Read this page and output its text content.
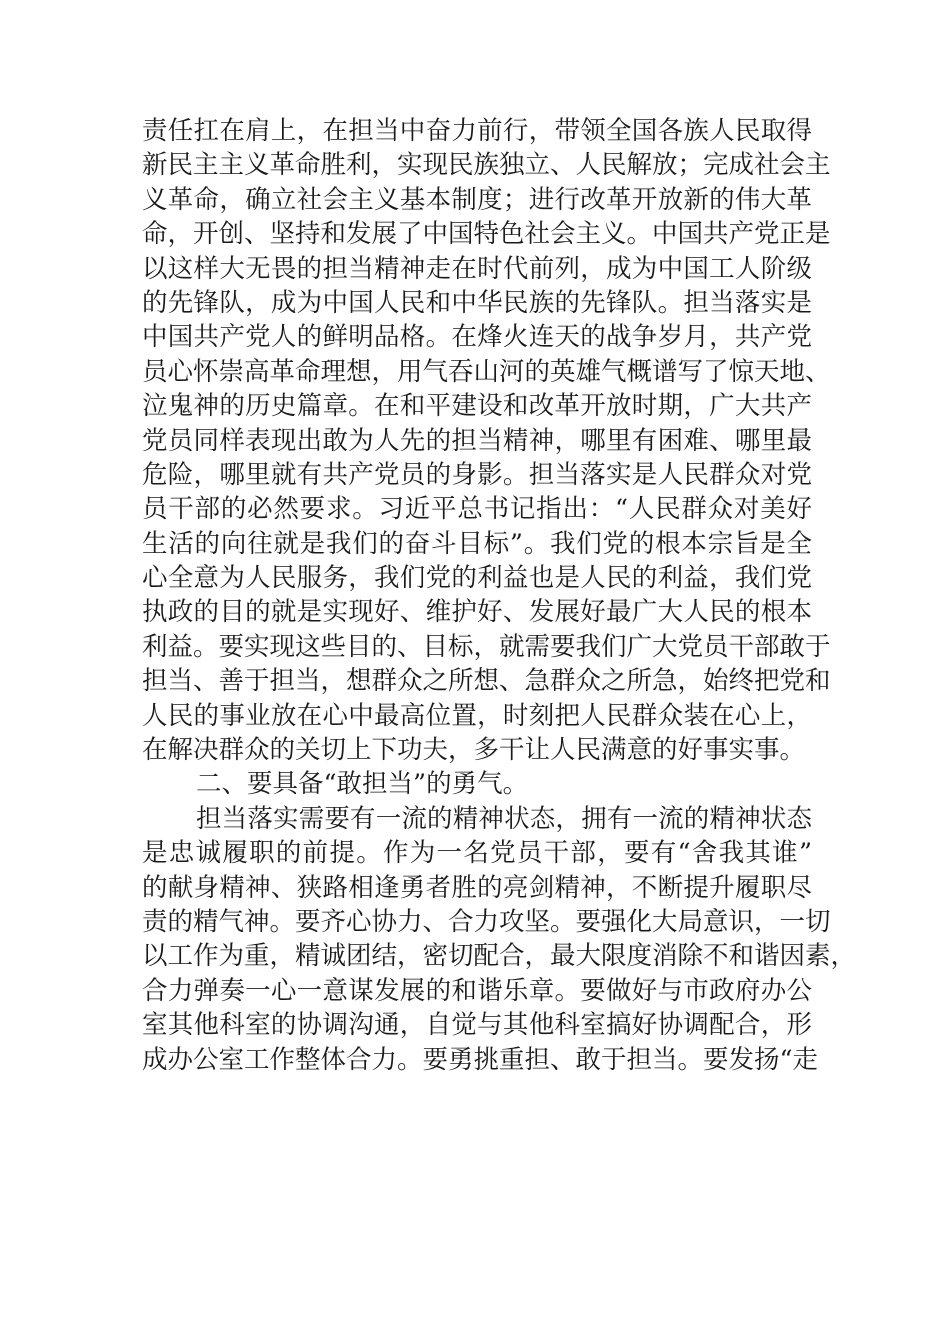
责任扛在肩上，在担当中奋力前行，带领全国各族人民取得
新民主主义革命胜利，实现民族独立、人民解放；完成社会主
义革命，确立社会主义基本制度；进行改革开放新的伟大革
命，开创、坚持和发展了中国特色社会主义。中国共产党正是
以这样大无畏的担当精神走在时代前列，成为中国工人阶级
的先锋队，成为中国人民和中华民族的先锋队。担当落实是
中国共产党人的鲜明品格。在烽火连天的战争岁月，共产党
员心怀崇高革命理想，用气吞山河的英雄气概谱写了惊天地、
泣鬼神的历史篇章。在和平建设和改革开放时期，广大共产
党员同样表现出敢为人先的担当精神，哪里有困难、哪里最
危险，哪里就有共产党员的身影。担当落实是人民群众对党
员干部的必然要求。习近平总书记指出：“人民群众对美好
生活的向往就是我们的奋斗目标”。我们党的根本宗旨是全
心全意为人民服务，我们党的利益也是人民的利益，我们党
执政的目的就是实现好、维护好、发展好最广大人民的根本
利益。要实现这些目的、目标，就需要我们广大党员干部敢于
担当、善于担当，想群众之所想、急群众之所急，始终把党和
人民的事业放在心中最高位置，时刻把人民群众装在心上，
在解决群众的关切上下功夫，多干让人民满意的好事实事。
二、要具备“敢担当”的勇气。
担当落实需要有一流的精神状态，拥有一流的精神状态
是忠诚履职的前提。作为一名党员干部，要有“舍我其谁”
的献身精神、狭路相逢勇者胜的亮剑精神，不断提升履职尽
责的精气神。要齐心协力、合力攻坚。要强化大局意识，一切
以工作为重，精诚团结，密切配合，最大限度消除不和谐因素，
合力弹奏一心一意谋发展的和谐乐章。要做好与市政府办公
室其他科室的协调沟通，自觉与其他科室搞好协调配合，形
成办公室工作整体合力。要勇挑重担、敢于担当。要发扬“走
